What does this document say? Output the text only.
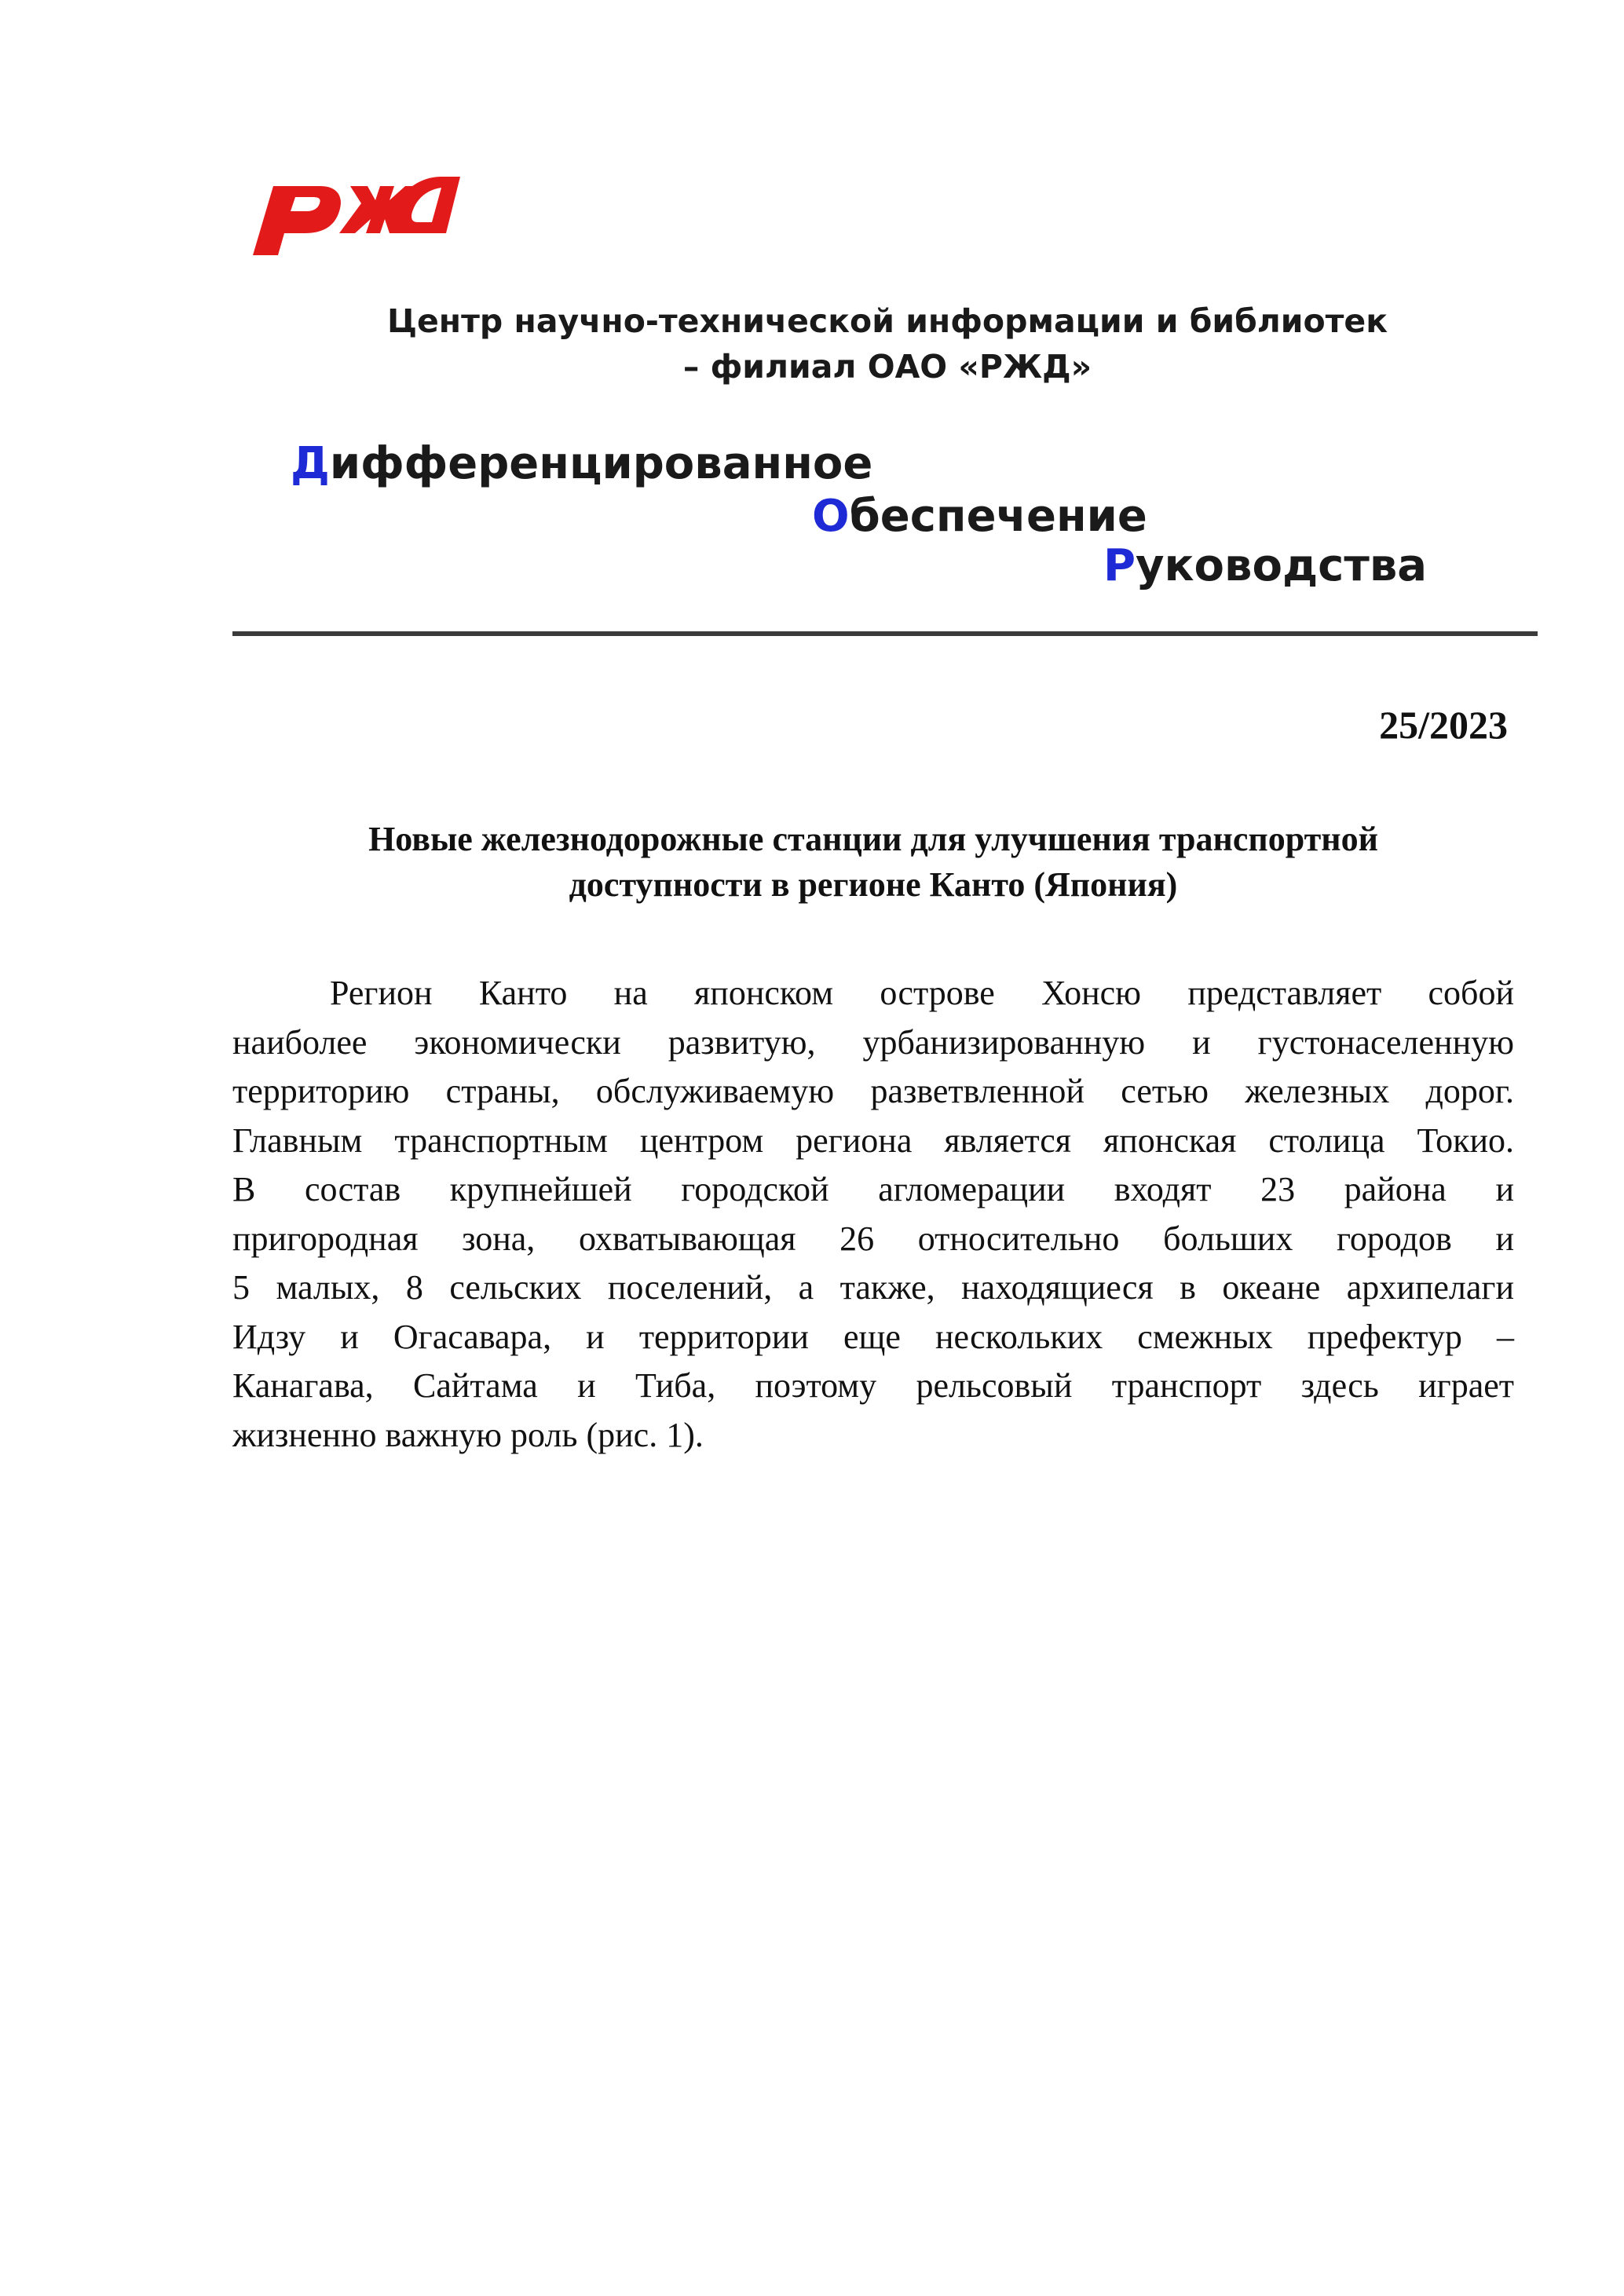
Центр научно-технической информации и библиотек
– филиал ОАО «РЖД»
Дифференцированное
Обеспечение
Руководства
25/2023
Новые железнодорожные станции для улучшения транспортной
доступности в регионе Канто (Япония)
Регион Канто на японском острове Хонсю представляет собой
наиболее экономически развитую, урбанизированную и густонаселенную
территорию страны, обслуживаемую разветвленной сетью железных дорог.
Главным транспортным центром региона является японская столица Токио.
В состав крупнейшей городской агломерации входят 23 района и
пригородная зона, охватывающая 26 относительно больших городов и
5 малых, 8 сельских поселений, а также, находящиеся в океане архипелаги
Идзу и Огасавара, и территории еще нескольких смежных префектур –
Канагава, Сайтама и Тиба, поэтому рельсовый транспорт здесь играет
жизненно важную роль (рис. 1).
